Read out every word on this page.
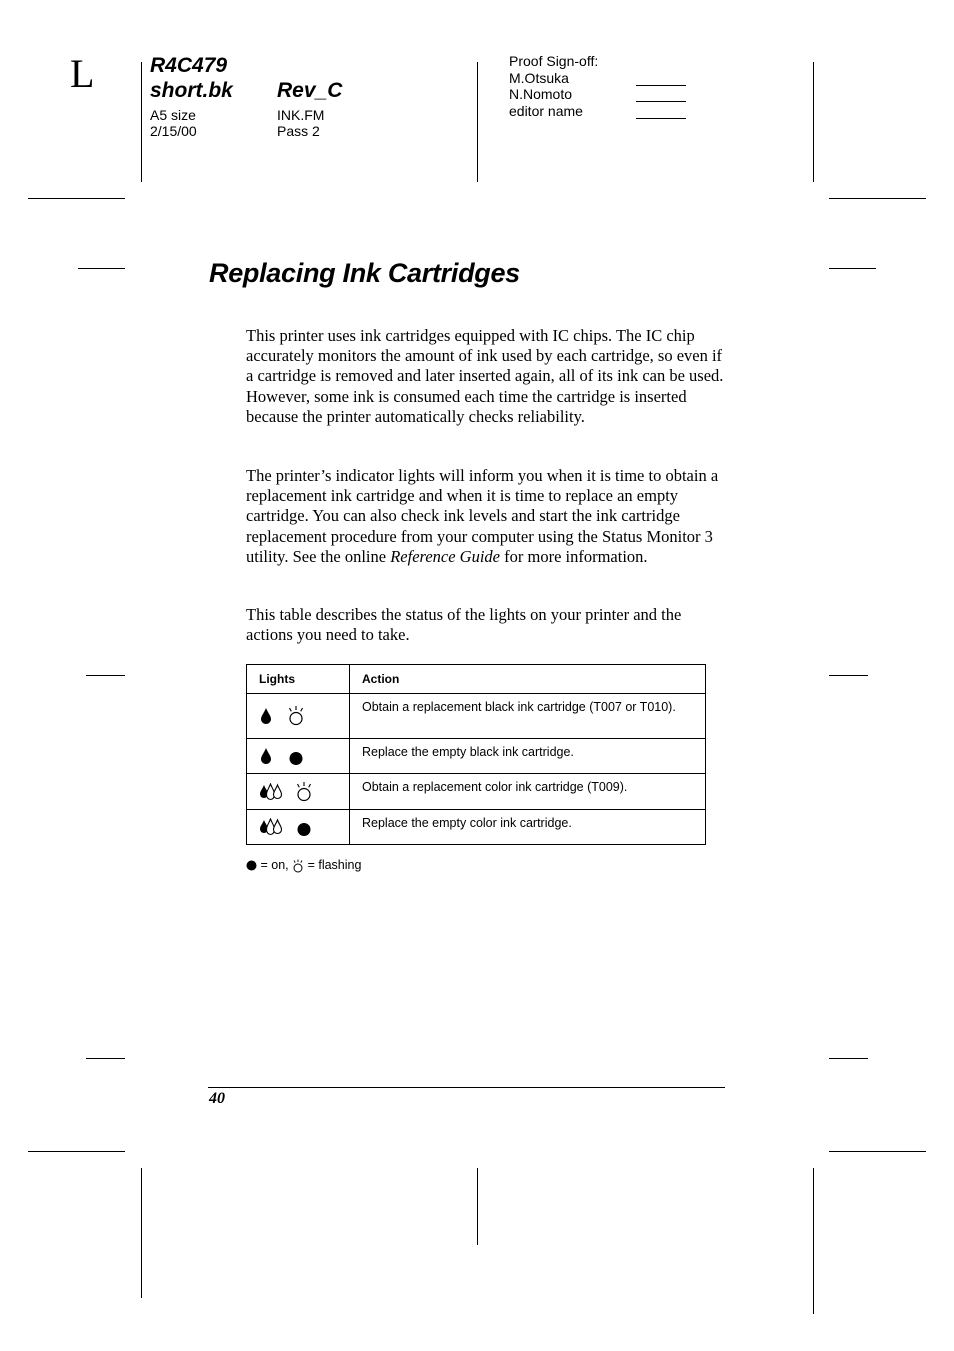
L	R4C479
short.bk Rev_C
A5 size
2/15/00
INK.FM
Pass 2
Proof Sign-off:
M.Otsuka
N.Nomoto
editor name
Replacing Ink Cartridges
This printer uses ink cartridges equipped with IC chips. The IC chip accurately monitors the amount of ink used by each cartridge, so even if a cartridge is removed and later inserted again, all of its ink can be used. However, some ink is consumed each time the cartridge is inserted because the printer automatically checks reliability.
The printer’s indicator lights will inform you when it is time to obtain a replacement ink cartridge and when it is time to replace an empty cartridge. You can also check ink levels and start the ink cartridge replacement procedure from your computer using the Status Monitor 3 utility. See the online Reference Guide for more information.
This table describes the status of the lights on your printer and the actions you need to take.
Lights	Action
	Obtain a replacement black ink cartridge (T007 or T010).
	Replace the empty black ink cartridge.
	Obtain a replacement color ink cartridge (T009).
	Replace the empty color ink cartridge.
= on,  = flashing
40
